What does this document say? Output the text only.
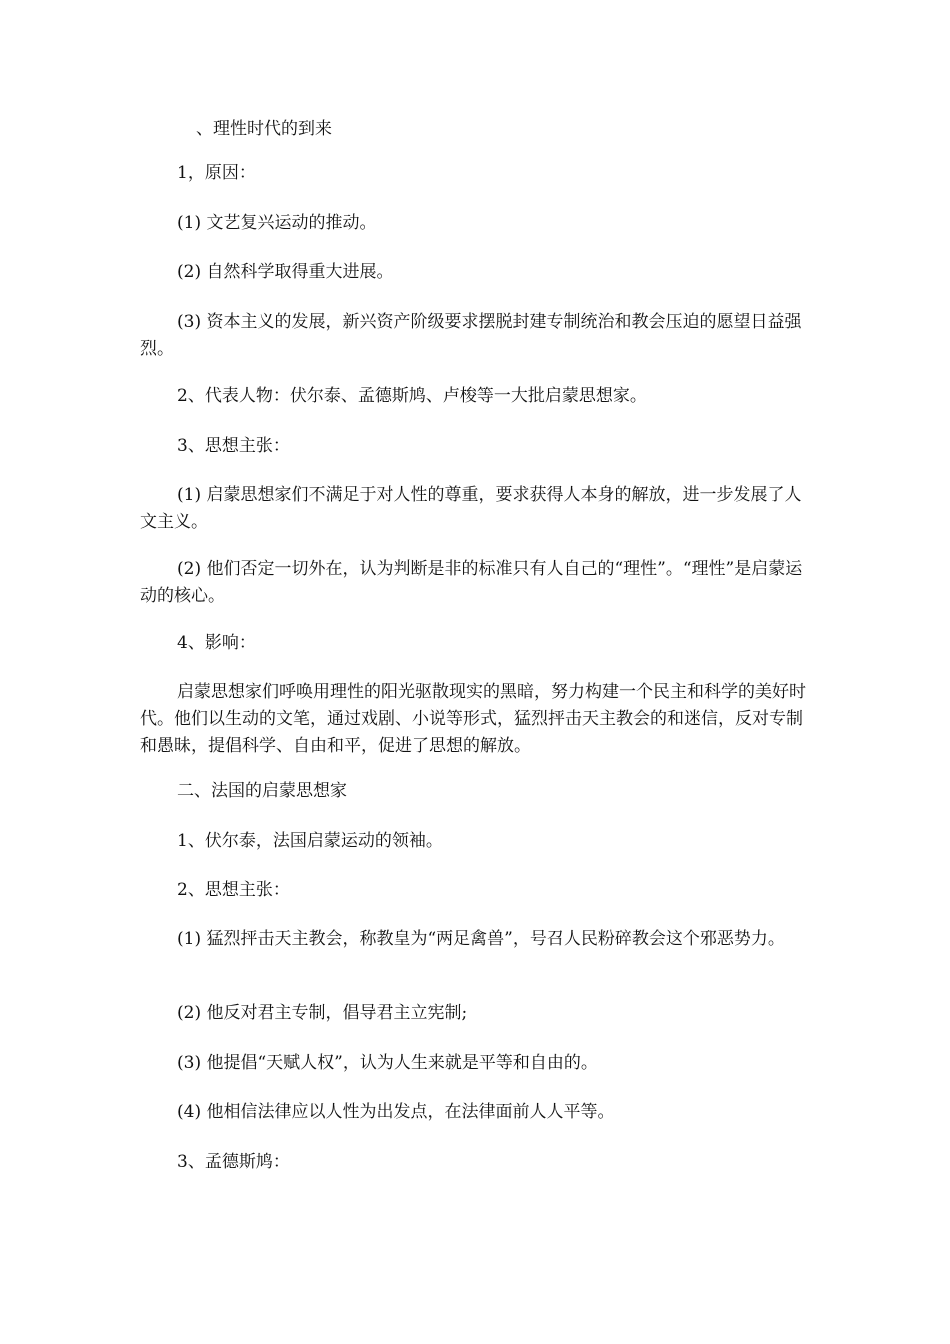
、理性时代的到来

1，原因：

(1) 文艺复兴运动的推动。

(2) 自然科学取得重大进展。

(3) 资本主义的发展，新兴资产阶级要求摆脱封建专制统治和教会压迫的愿望日益强烈。

2、代表人物：伏尔泰、孟德斯鸠、卢梭等一大批启蒙思想家。

3、思想主张：

(1) 启蒙思想家们不满足于对人性的尊重，要求获得人本身的解放，进一步发展了人文主义。

(2) 他们否定一切外在，认为判断是非的标准只有人自己的“理性”。“理性”是启蒙运动的核心。

4、影响：

启蒙思想家们呼唤用理性的阳光驱散现实的黑暗，努力构建一个民主和科学的美好时代。他们以生动的文笔，通过戏剧、小说等形式，猛烈抨击天主教会的和迷信，反对专制和愚昧，提倡科学、自由和平，促进了思想的解放。

二、法国的启蒙思想家

1、伏尔泰，法国启蒙运动的领袖。

2、思想主张：

(1) 猛烈抨击天主教会，称教皇为“两足禽兽”，号召人民粉碎教会这个邪恶势力。

(2) 他反对君主专制，倡导君主立宪制;

(3) 他提倡“天赋人权”，认为人生来就是平等和自由的。

(4) 他相信法律应以人性为出发点，在法律面前人人平等。

3、孟德斯鸠：
